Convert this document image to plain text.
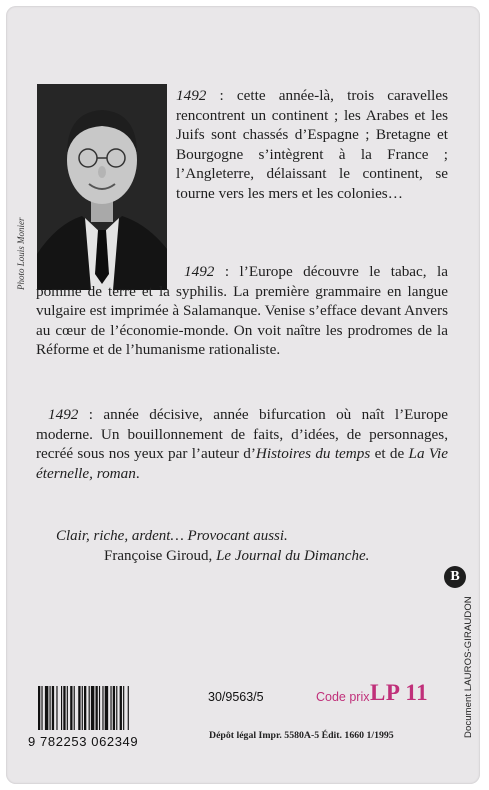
Photo Louis Monier
1492 : cette année-là, trois caravelles rencontrent un continent ; les Arabes et les Juifs sont chassés d’Espagne ; Bretagne et Bourgogne s’intègrent à la France ; l’Angleterre, délaissant le continent, se tourne vers les mers et les colonies…
1492 : l’Europe découvre le tabac, la pomme de terre et la syphilis. La première grammaire en langue vulgaire est imprimée à Salamanque. Venise s’efface devant Anvers au cœur de l’économie-monde. On voit naître les prodromes de la Réforme et de l’humanisme rationaliste.
1492 : année décisive, année bifurcation où naît l’Europe moderne. Un bouillonnement de faits, d’idées, de personnages, recréé sous nos yeux par l’auteur d’Histoires du temps et de La Vie éternelle, roman.
Clair, riche, ardent… Provocant aussi.
Françoise Giroud, Le Journal du Dimanche.
B
Document LAUROS-GIRAUDON
9 782253 062349
30/9563/5	Code prix LP 11
Dépôt légal Impr. 5580A-5 Édit. 1660 1/1995
